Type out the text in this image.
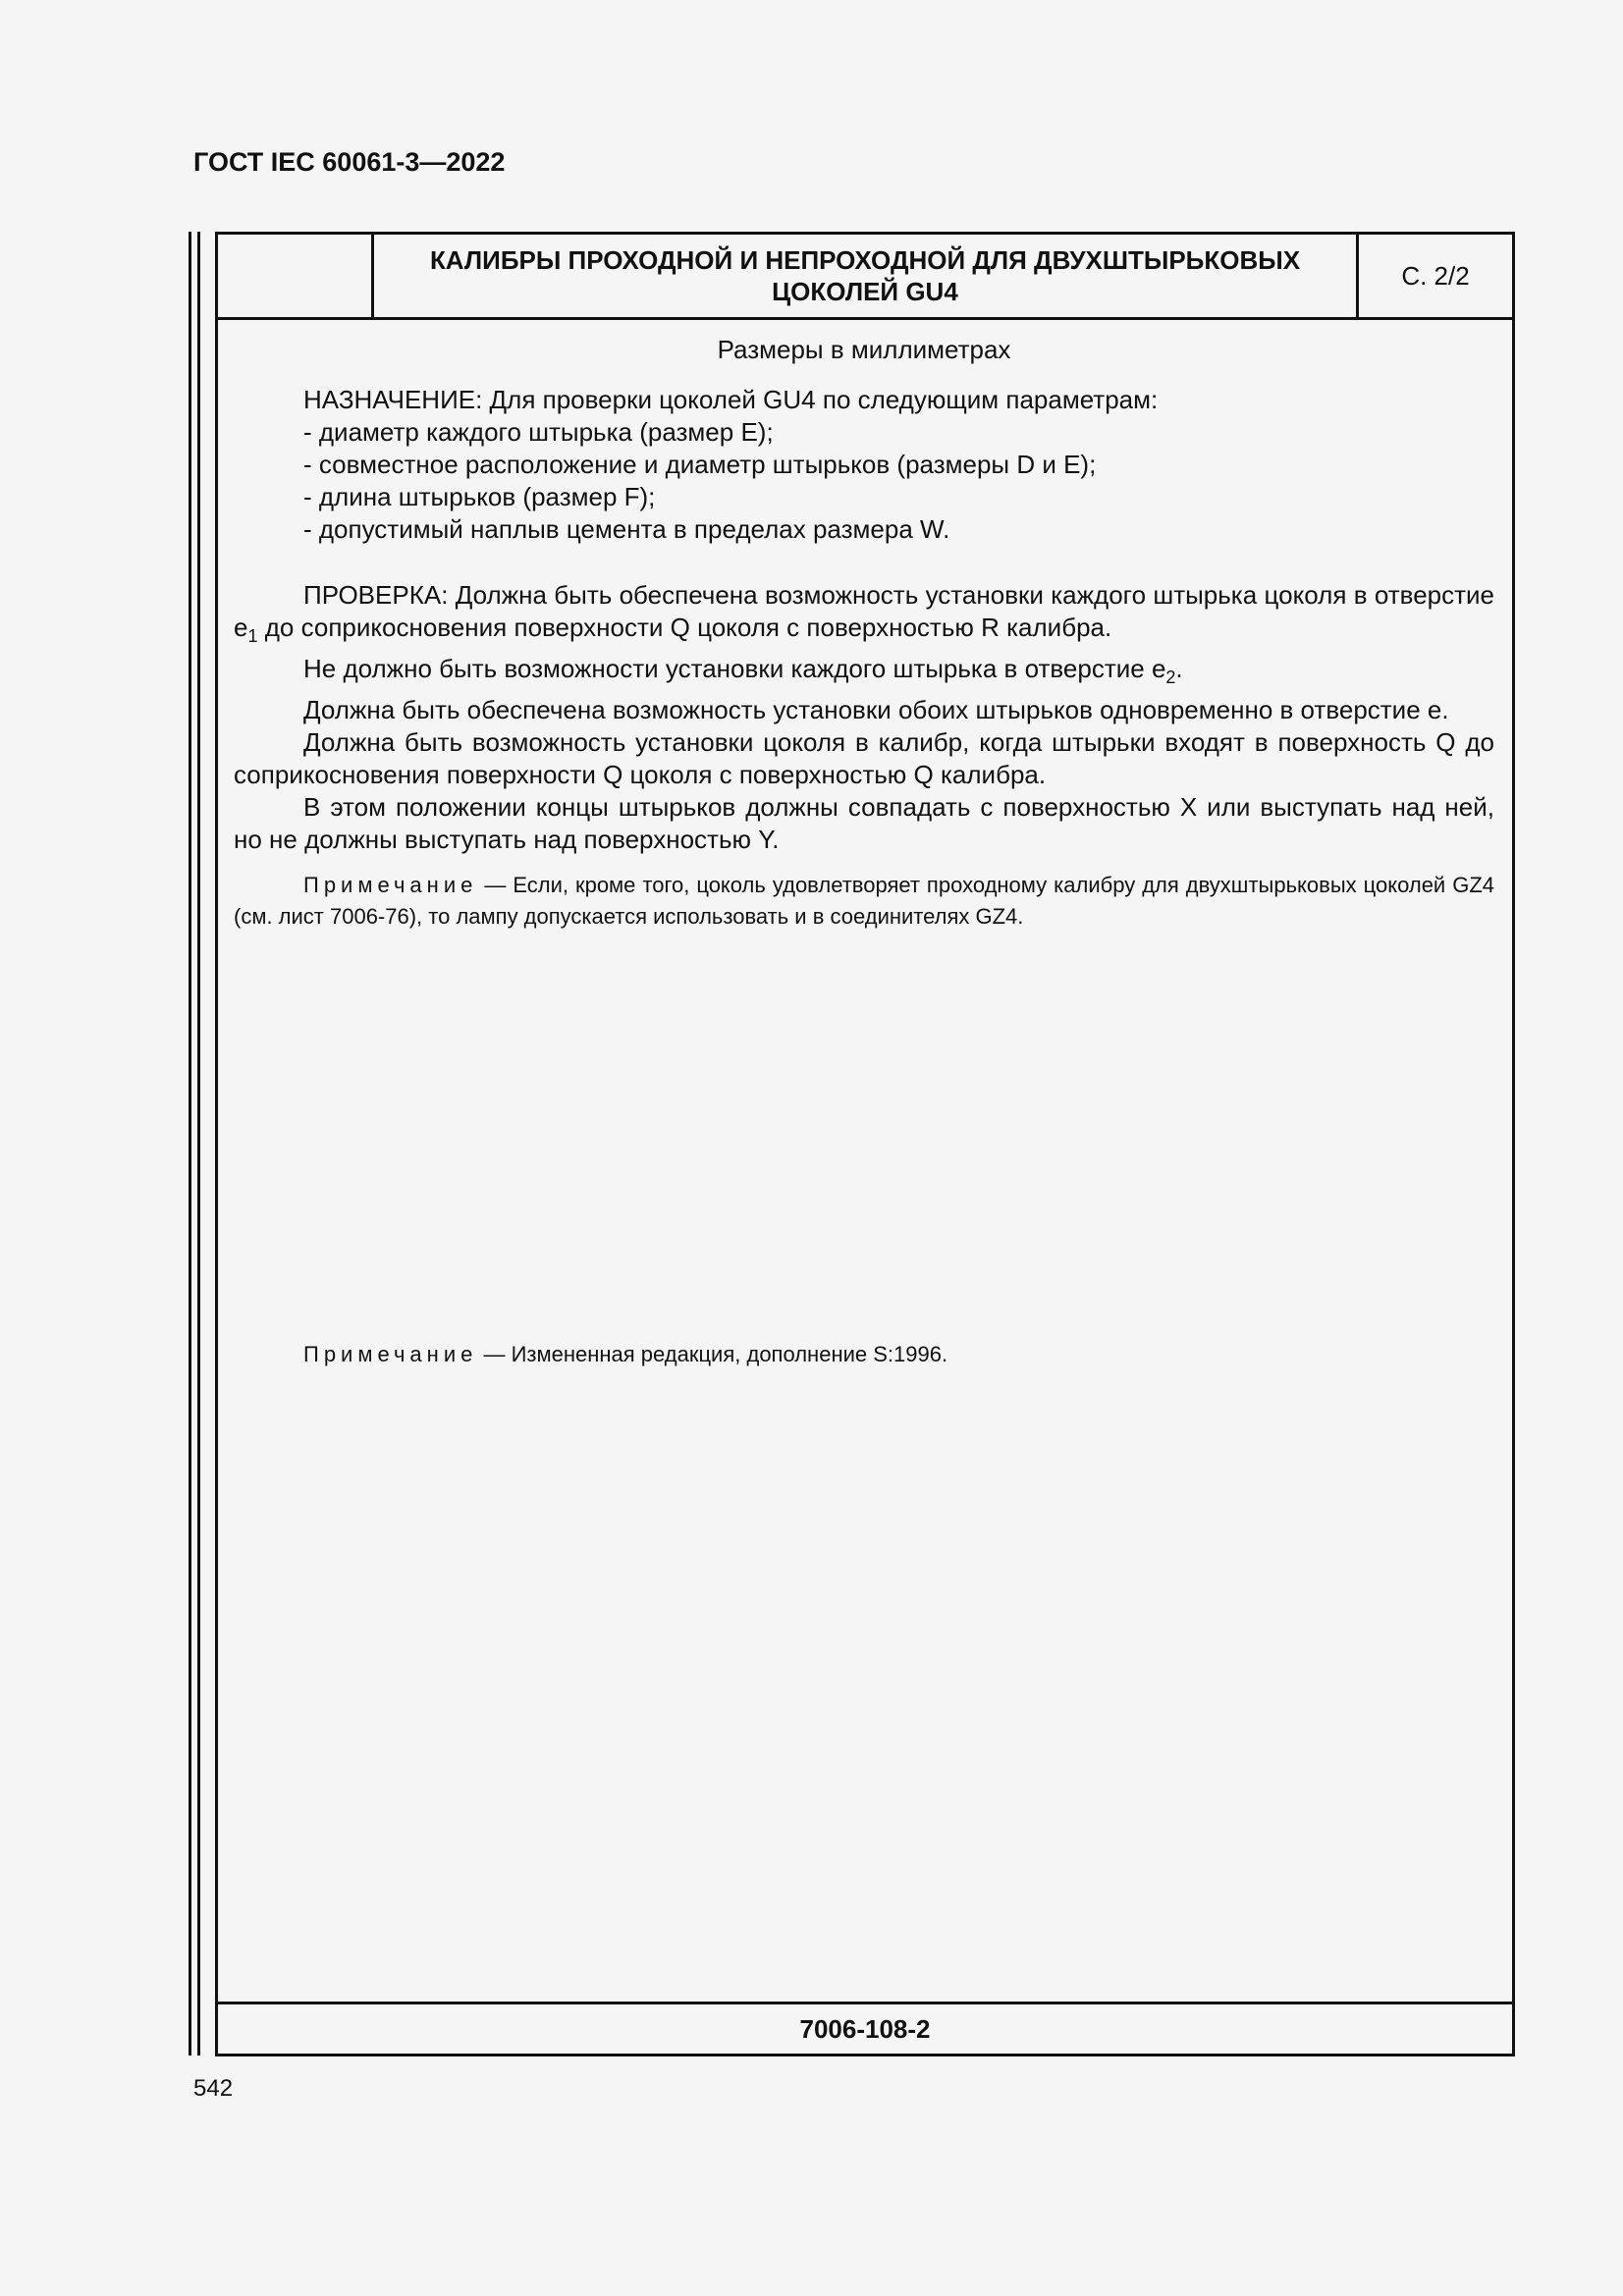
ГОСТ IEC 60061-3—2022
КАЛИБРЫ ПРОХОДНОЙ И НЕПРОХОДНОЙ ДЛЯ ДВУХШТЫРЬКОВЫХ
ЦОКОЛЕЙ GU4
С. 2/2
Размеры в миллиметрах

НАЗНАЧЕНИЕ: Для проверки цоколей GU4 по следующим параметрам:

- диаметр каждого штырька (размер E);

- совместное расположение и диаметр штырьков (размеры D и E);

- длина штырьков (размер F);

- допустимый наплыв цемента в пределах размера W.

ПРОВЕРКА: Должна быть обеспечена возможность установки каждого штырька цоколя в отверстие $e_1$ до соприкосновения поверхности Q цоколя с поверхностью R калибра.

Не должно быть возможности установки каждого штырька в отверстие $e_2$.

Должна быть обеспечена возможность установки обоих штырьков одновременно в отверстие e.

Должна быть возможность установки цоколя в калибр, когда штырьки входят в поверхность Q до соприкосновения поверхности Q цоколя с поверхностью Q калибра.

В этом положении концы штырьков должны совпадать с поверхностью X или выступать над ней, но не должны выступать над поверхностью Y.

Примечание — Если, кроме того, цоколь удовлетворяет проходному калибру для двухштырьковых цоколей GZ4 (см. лист 7006-76), то лампу допускается использовать и в соединителях GZ4.
Примечание — Измененная редакция, дополнение S:1996.
7006-108-2
542
